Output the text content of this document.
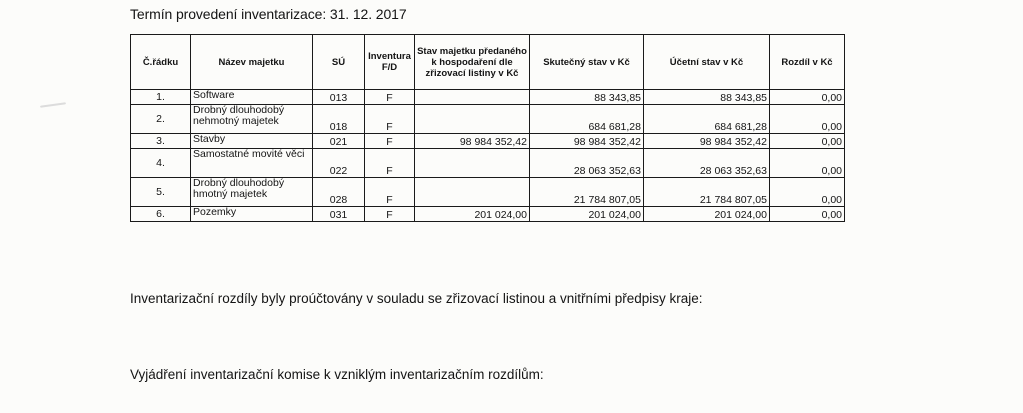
Termín provedení inventarizace: 31. 12. 2017
Č.řádku	Název majetku	SÚ	Inventura F/D	Stav majetku předaného k hospodaření dle zřizovací listiny v Kč	Skutečný stav v Kč	Účetní stav v Kč	Rozdíl v Kč
1.	Software	013	F		88 343,85	88 343,85	0,00
2.	Drobný dlouhodobý nehmotný majetek	018	F		684 681,28	684 681,28	0,00
3.	Stavby	021	F	98 984 352,42	98 984 352,42	98 984 352,42	0,00
4.	Samostatné movité věci	022	F		28 063 352,63	28 063 352,63	0,00
5.	Drobný dlouhodobý hmotný majetek	028	F		21 784 807,05	21 784 807,05	0,00
6.	Pozemky	031	F	201 024,00	201 024,00	201 024,00	0,00
Inventarizační rozdíly byly proúčtovány v souladu se zřizovací listinou a vnitřními předpisy kraje:
Vyjádření inventarizační komise k vzniklým inventarizačním rozdílům:
